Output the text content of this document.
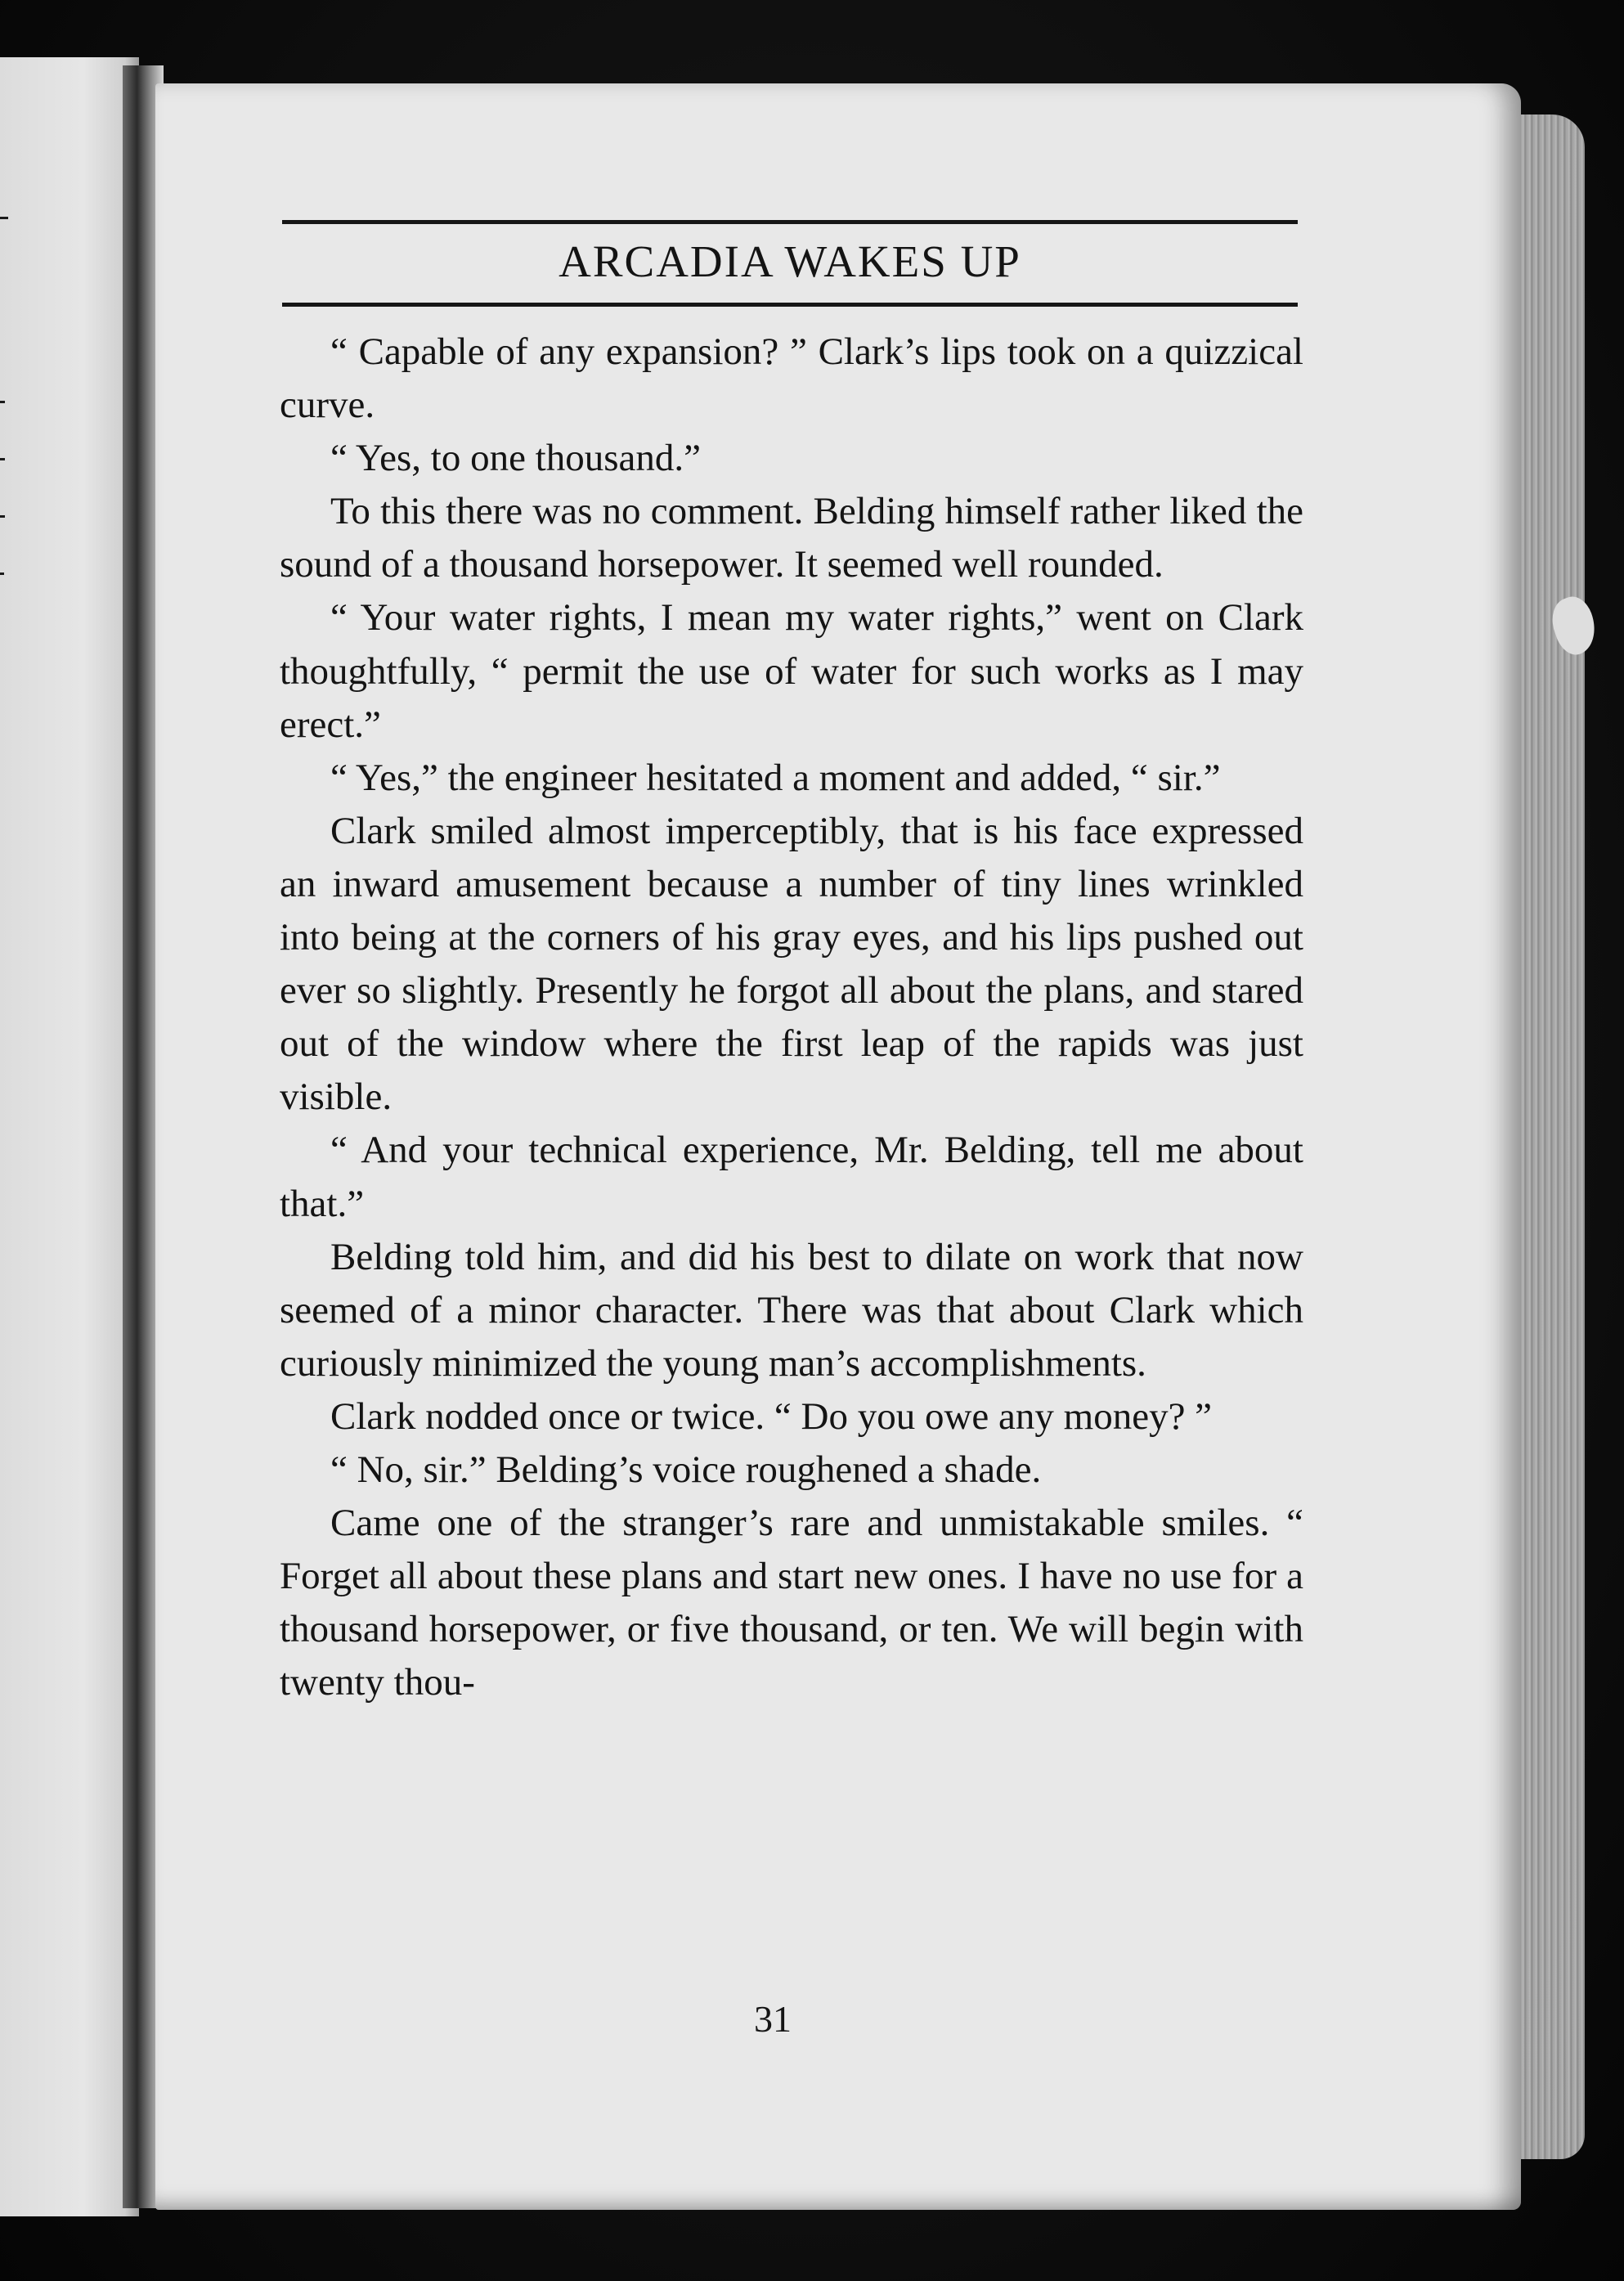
ARCADIA WAKES UP

“ Capable of any expansion? ” Clark’s lips took on a quizzical curve.

“ Yes, to one thousand.”

To this there was no comment. Belding himself rather liked the sound of a thousand horsepower. It seemed well rounded.

“ Your water rights, I mean my water rights,” went on Clark thoughtfully, “ permit the use of water for such works as I may erect.”

“ Yes,” the engineer hesitated a moment and added, “ sir.”

Clark smiled almost imperceptibly, that is his face expressed an inward amusement because a number of tiny lines wrinkled into being at the corners of his gray eyes, and his lips pushed out ever so slightly. Presently he forgot all about the plans, and stared out of the window where the first leap of the rapids was just visible.

“ And your technical experience, Mr. Belding, tell me about that.”

Belding told him, and did his best to dilate on work that now seemed of a minor character. There was that about Clark which curiously minimized the young man’s accomplishments.

Clark nodded once or twice. “ Do you owe any money? ”

“ No, sir.” Belding’s voice roughened a shade.

Came one of the stranger’s rare and unmistakable smiles. “ Forget all about these plans and start new ones. I have no use for a thousand horsepower, or five thousand, or ten. We will begin with twenty thou-

31
